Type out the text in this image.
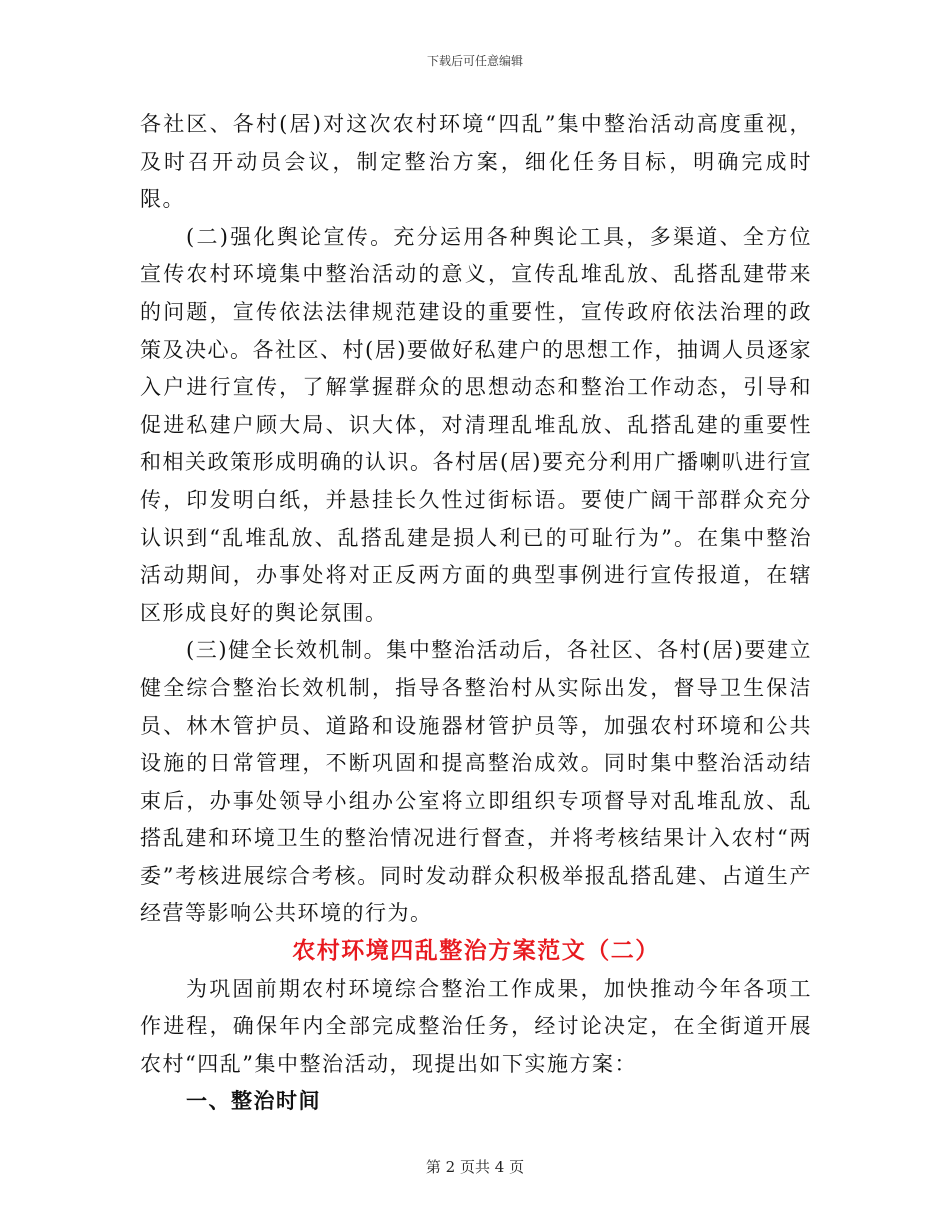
下载后可任意编辑

各社区、各村(居)对这次农村环境“四乱”集中整治活动高度重视，及时召开动员会议，制定整治方案，细化任务目标，明确完成时限。

(二)强化舆论宣传。充分运用各种舆论工具，多渠道、全方位宣传农村环境集中整治活动的意义，宣传乱堆乱放、乱搭乱建带来的问题，宣传依法法律规范建设的重要性，宣传政府依法治理的政策及决心。各社区、村(居)要做好私建户的思想工作，抽调人员逐家入户进行宣传，了解掌握群众的思想动态和整治工作动态，引导和促进私建户顾大局、识大体，对清理乱堆乱放、乱搭乱建的重要性和相关政策形成明确的认识。各村居(居)要充分利用广播喇叭进行宣传，印发明白纸，并悬挂长久性过街标语。要使广阔干部群众充分认识到“乱堆乱放、乱搭乱建是损人利已的可耻行为”。在集中整治活动期间，办事处将对正反两方面的典型事例进行宣传报道，在辖区形成良好的舆论氛围。

(三)健全长效机制。集中整治活动后，各社区、各村(居)要建立健全综合整治长效机制，指导各整治村从实际出发，督导卫生保洁员、林木管护员、道路和设施器材管护员等，加强农村环境和公共设施的日常管理，不断巩固和提高整治成效。同时集中整治活动结束后，办事处领导小组办公室将立即组织专项督导对乱堆乱放、乱搭乱建和环境卫生的整治情况进行督查，并将考核结果计入农村“两委”考核进展综合考核。同时发动群众积极举报乱搭乱建、占道生产经营等影响公共环境的行为。

农村环境四乱整治方案范文（二）

为巩固前期农村环境综合整治工作成果，加快推动今年各项工作进程，确保年内全部完成整治任务，经讨论决定，在全街道开展农村“四乱”集中整治活动，现提出如下实施方案：

一、整治时间
第 2 页共 4 页
